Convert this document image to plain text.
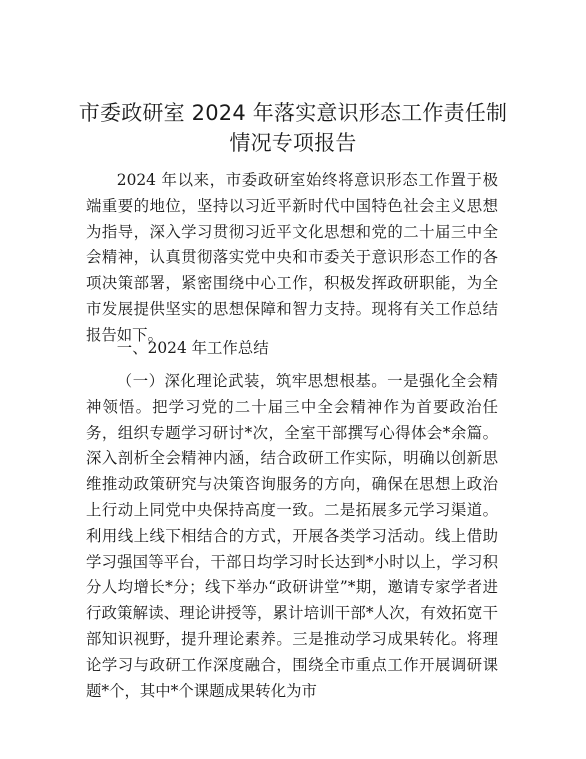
市委政研室 2024 年落实意识形态工作责任制情况专项报告

2024 年以来，市委政研室始终将意识形态工作置于极端重要的地位，坚持以习近平新时代中国特色社会主义思想为指导，深入学习贯彻习近平文化思想和党的二十届三中全会精神，认真贯彻落实党中央和市委关于意识形态工作的各项决策部署，紧密围绕中心工作，积极发挥政研职能，为全市发展提供坚实的思想保障和智力支持。现将有关工作总结报告如下。

一、2024 年工作总结

（一）深化理论武装，筑牢思想根基。一是强化全会精神领悟。把学习党的二十届三中全会精神作为首要政治任务，组织专题学习研讨*次，全室干部撰写心得体会*余篇。深入剖析全会精神内涵，结合政研工作实际，明确以创新思维推动政策研究与决策咨询服务的方向，确保在思想上政治上行动上同党中央保持高度一致。二是拓展多元学习渠道。利用线上线下相结合的方式，开展各类学习活动。线上借助学习强国等平台，干部日均学习时长达到*小时以上，学习积分人均增长*分；线下举办“政研讲堂”*期，邀请专家学者进行政策解读、理论讲授等，累计培训干部*人次，有效拓宽干部知识视野，提升理论素养。三是推动学习成果转化。将理论学习与政研工作深度融合，围绕全市重点工作开展调研课题*个，其中*个课题成果转化为市
